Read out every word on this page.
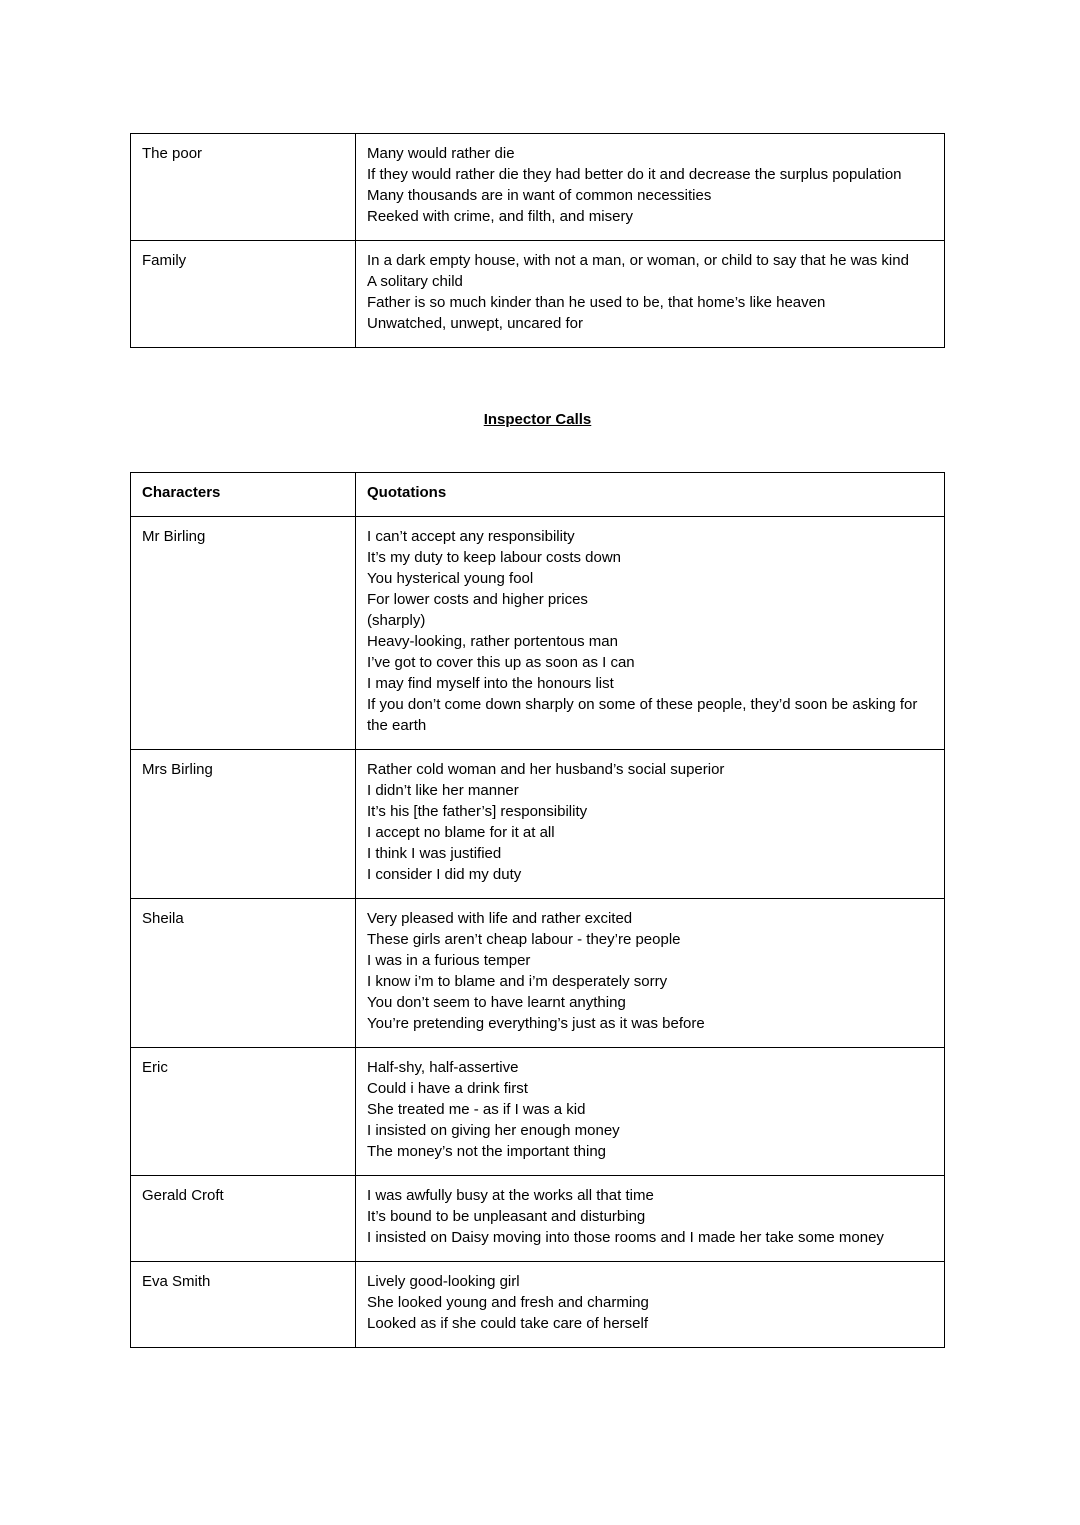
The poor	Many would rather die
If they would rather die they had better do it and decrease the surplus population
Many thousands are in want of common necessities
Reeked with crime, and filth, and misery

Family	In a dark empty house, with not a man, or woman, or child to say that he was kind
A solitary child
Father is so much kinder than he used to be, that home’s like heaven
Unwatched, unwept, uncared for
Inspector Calls
Characters	Quotations
Mr Birling	I can’t accept any responsibility
It’s my duty to keep labour costs down
You hysterical young fool
For lower costs and higher prices
(sharply)
Heavy-looking, rather portentous man
I’ve got to cover this up as soon as I can
I may find myself into the honours list
If you don’t come down sharply on some of these people, they’d soon be asking for the earth

Mrs Birling	Rather cold woman and her husband’s social superior
I didn’t like her manner
It’s his [the father’s] responsibility
I accept no blame for it at all
I think I was justified
I consider I did my duty

Sheila	Very pleased with life and rather excited
These girls aren’t cheap labour - they’re people
I was in a furious temper
I know i’m to blame and i’m desperately sorry
You don’t seem to have learnt anything
You’re pretending everything’s just as it was before

Eric	Half-shy, half-assertive
Could i have a drink first
She treated me - as if I was a kid
I insisted on giving her enough money
The money’s not the important thing

Gerald Croft	I was awfully busy at the works all that time
It’s bound to be unpleasant and disturbing
I insisted on Daisy moving into those rooms and I made her take some money

Eva Smith	Lively good-looking girl
She looked young and fresh and charming
Looked as if she could take care of herself
